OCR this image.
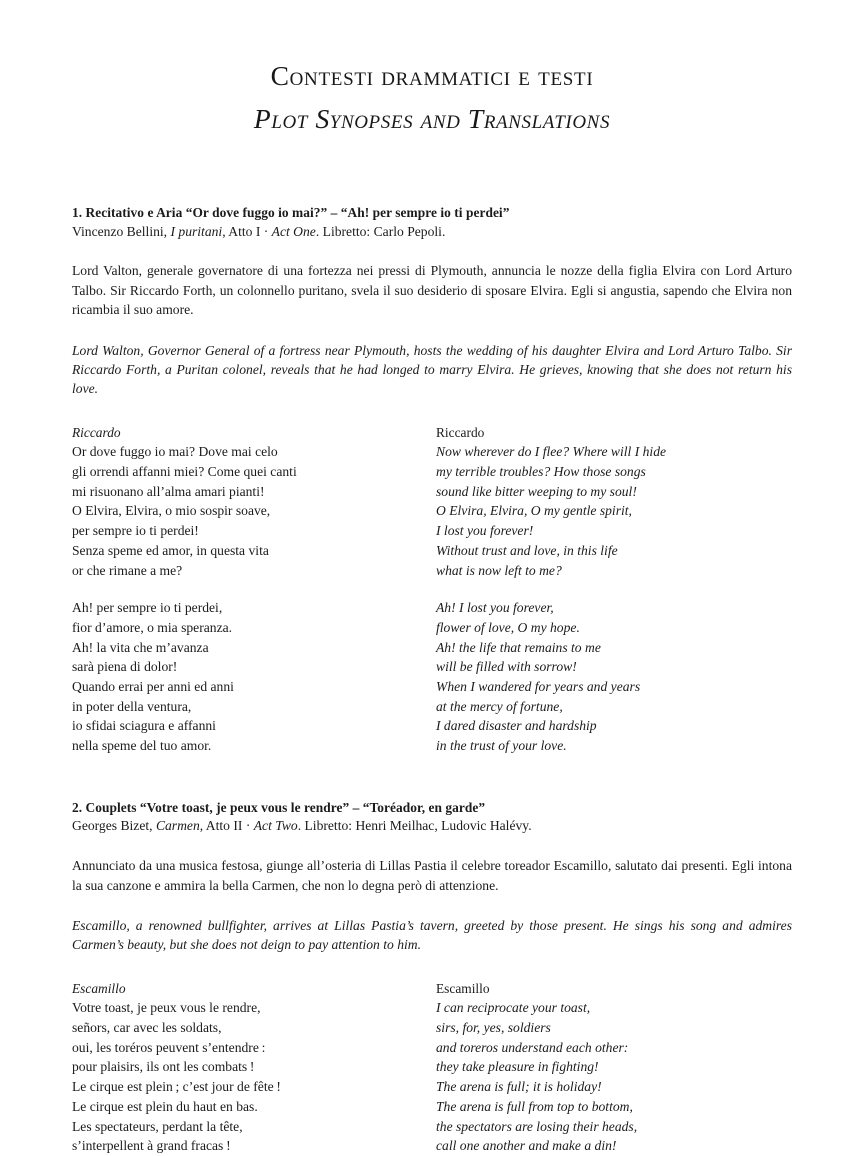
Contesti drammatici e testi
Plot Synopses and Translations

1. Recitativo e Aria “Or dove fuggo io mai?” – “Ah! per sempre io ti perdei”

Vincenzo Bellini, I puritani, Atto I · Act One. Libretto: Carlo Pepoli.

Lord Valton, generale governatore di una fortezza nei pressi di Plymouth, annuncia le nozze della figlia Elvira con Lord Arturo Talbo. Sir Riccardo Forth, un colonnello puritano, svela il suo desiderio di sposare Elvira. Egli si angustia, sapendo che Elvira non ricambia il suo amore.

Lord Walton, Governor General of a fortress near Plymouth, hosts the wedding of his daughter Elvira and Lord Arturo Talbo. Sir Riccardo Forth, a Puritan colonel, reveals that he had longed to marry Elvira. He grieves, knowing that she does not return his love.

Riccardo

Or dove fuggo io mai? Dove mai celo
gli orrendi affanni miei? Come quei canti
mi risuonano all’alma amari pianti!
O Elvira, Elvira, o mio sospir soave,
per sempre io ti perdei!
Senza speme ed amor, in questa vita
or che rimane a me?

Ah! per sempre io ti perdei,
fior d’amore, o mia speranza.
Ah! la vita che m’avanza
sarà piena di dolor!
Quando errai per anni ed anni
in poter della ventura,
io sfidai sciagura e affanni
nella speme del tuo amor.

Riccardo

Now wherever do I flee? Where will I hide
my terrible troubles? How those songs
sound like bitter weeping to my soul!
O Elvira, Elvira, O my gentle spirit,
I lost you forever!
Without trust and love, in this life
what is now left to me?

Ah! I lost you forever,
flower of love, O my hope.
Ah! the life that remains to me
will be filled with sorrow!
When I wandered for years and years
at the mercy of fortune,
I dared disaster and hardship
in the trust of your love.

2. Couplets “Votre toast, je peux vous le rendre” – “Toréador, en garde”

Georges Bizet, Carmen, Atto II · Act Two. Libretto: Henri Meilhac, Ludovic Halévy.

Annunciato da una musica festosa, giunge all’osteria di Lillas Pastia il celebre toreador Escamillo, salutato dai presenti. Egli intona la sua canzone e ammira la bella Carmen, che non lo degna però di attenzione.

Escamillo, a renowned bullfighter, arrives at Lillas Pastia’s tavern, greeted by those present. He sings his song and admires Carmen’s beauty, but she does not deign to pay attention to him.

Escamillo

Votre toast, je peux vous le rendre,
señors, car avec les soldats,
oui, les toréros peuvent s’entendre :
pour plaisirs, ils ont les combats !
Le cirque est plein ; c’est jour de fête !
Le cirque est plein du haut en bas.
Les spectateurs, perdant la tête,
s’interpellent à grand fracas !

Escamillo

I can reciprocate your toast,
sirs, for, yes, soldiers
and toreros understand each other:
they take pleasure in fighting!
The arena is full; it is holiday!
The arena is full from top to bottom,
the spectators are losing their heads,
call one another and make a din!
